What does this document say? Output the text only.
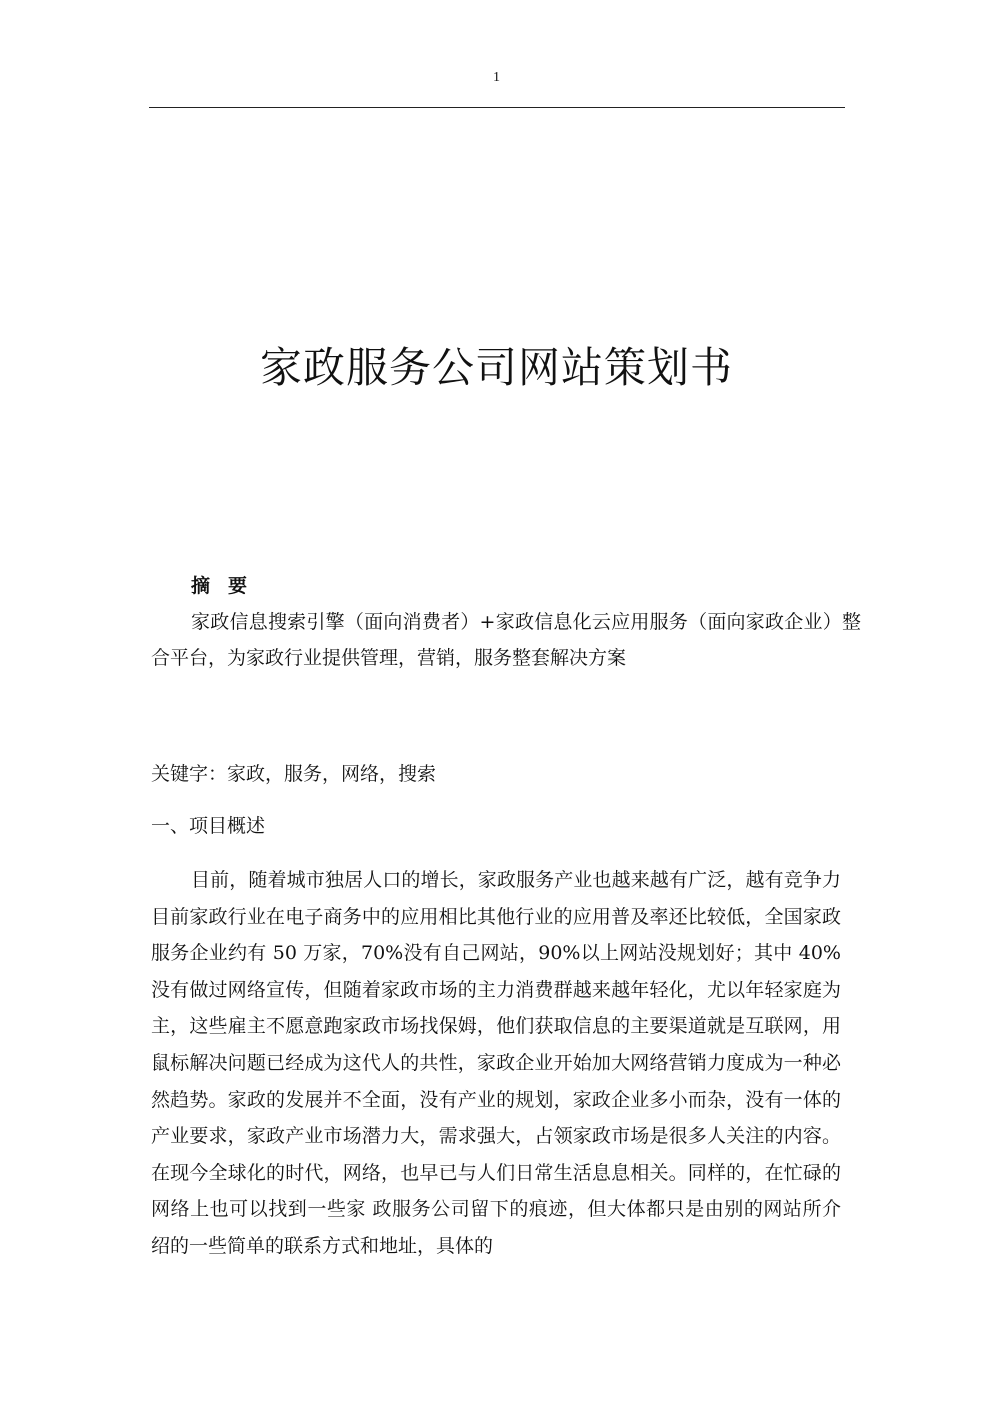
1
家政服务公司网站策划书
摘要
家政信息搜索引擎（面向消费者）+家政信息化云应用服务（面向家政企业）整合平台，为家政行业提供管理，营销，服务整套解决方案
关键字：家政，服务，网络，搜索
一、项目概述
目前，随着城市独居人口的增长，家政服务产业也越来越有广泛，越有竞争力目前家政行业在电子商务中的应用相比其他行业的应用普及率还比较低，全国家政服务企业约有 50 万家，70%没有自己网站，90%以上网站没规划好；其中 40%没有做过网络宣传，但随着家政市场的主力消费群越来越年轻化，尤以年轻家庭为主，这些雇主不愿意跑家政市场找保姆，他们获取信息的主要渠道就是互联网，用鼠标解决问题已经成为这代人的共性，家政企业开始加大网络营销力度成为一种必然趋势。家政的发展并不全面，没有产业的规划，家政企业多小而杂，没有一体的产业要求，家政产业市场潜力大，需求强大，占领家政市场是很多人关注的内容。在现今全球化的时代，网络，也早已与人们日常生活息息相关。同样的，在忙碌的网络上也可以找到一些家 政服务公司留下的痕迹，但大体都只是由别的网站所介绍的一些简单的联系方式和地址，具体的
